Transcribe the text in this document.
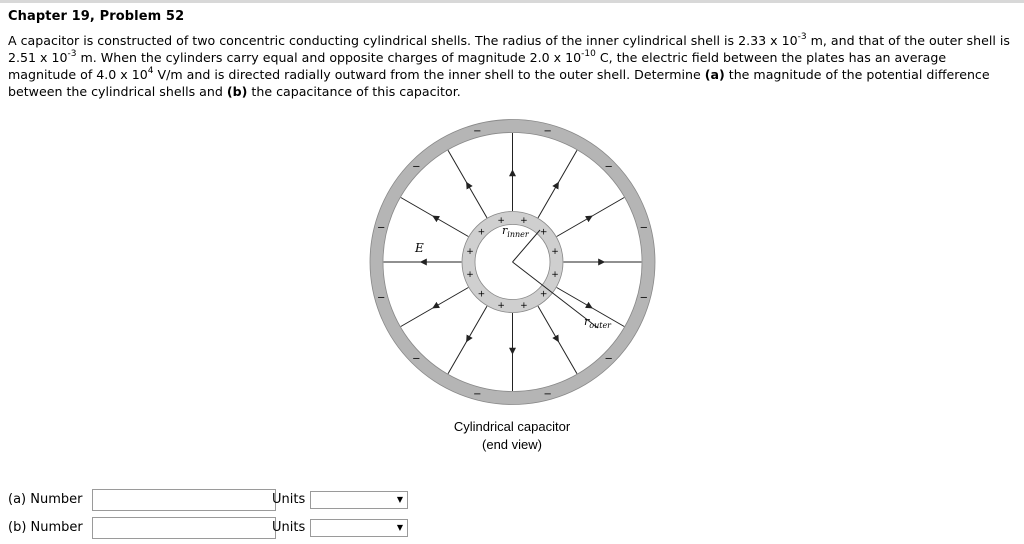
Chapter 19, Problem 52
A capacitor is constructed of two concentric conducting cylindrical shells. The radius of the inner cylindrical shell is 2.33 x $10^{-3}$ m, and that of the outer shell is 2.51 x $10^{-3}$ m. When the cylinders carry equal and opposite charges of magnitude 2.0 x $10^{-10}$ C, the electric field between the plates has an average magnitude of 4.0 x $10^4$ V/m and is directed radially outward from the inner shell to the outer shell. Determine (a) the magnitude of the potential difference between the cylindrical shells and (b) the capacitance of this capacitor.
−
+
−
+	−
+
−
+
−
+
−
+
−
+
−
+
−
+
−
+
−
+
−
+
$r_{inner}$
$r_{outer}$
E
Cylindrical capacitor
(end view)
(a) Number	Units	▼
(b) Number	Units	▼
